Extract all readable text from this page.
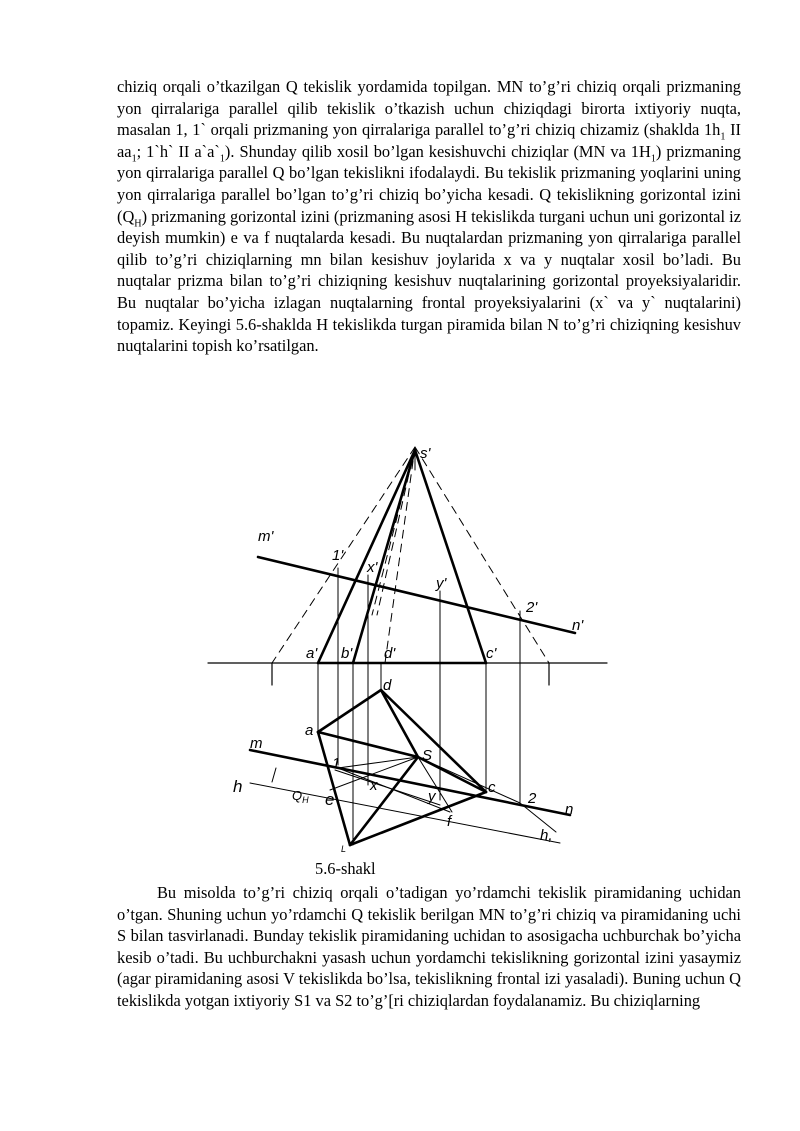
chiziq orqali o’tkazilgan Q tekislik yordamida topilgan. MN to’g’ri chiziq orqali prizmaning yon qirralariga parallel qilib tekislik o’tkazish uchun chiziqdagi birorta ixtiyoriy nuqta, masalan 1, 1` orqali prizmaning yon qirralariga parallel to’g’ri chiziq chizamiz (shaklda $1h_1$ II $aa_1$; 1`h` II $a`a`_1$). Shunday qilib xosil bo’lgan kesishuvchi chiziqlar (MN va $1H_1$) prizmaning yon qirralariga parallel Q bo’lgan tekislikni ifodalaydi. Bu tekislik prizmaning yoqlarini uning yon qirralariga parallel bo’lgan to’g’ri chiziq bo’yicha kesadi. Q tekislikning gorizontal izini $(Q_H)$ prizmaning gorizontal izini (prizmaning asosi H tekislikda turgani uchun uni gorizontal iz deyish mumkin) e va f nuqtalarda kesadi. Bu nuqtalardan prizmaning yon qirralariga parallel qilib to’g’ri chiziqlarning mn bilan kesishuv joylarida x va y nuqtalar xosil bo’ladi. Bu nuqtalar prizma bilan to’g’ri chiziqning kesishuv nuqtalarining gorizontal proyeksiyalaridir. Bu nuqtalar bo’yicha izlagan nuqtalarning frontal proyeksiyalarini (x` va y` nuqtalarini) topamiz. Keyingi 5.6-shaklda H tekislikda turgan piramida bilan N to’g’ri chiziqning kesishuv nuqtalarini topish ko’rsatilgan.

s'
m'
n'
1'
2'
x'
y'
a' b' d'	c'
d
a
S
c
1
x
y	2
m
n
h
h,
$Q_H$ e
f
L

5.6-shakl

Bu misolda to’g’ri chiziq orqali o’tadigan yo’rdamchi tekislik piramidaning uchidan o’tgan. Shuning uchun yo’rdamchi Q tekislik berilgan MN to’g’ri chiziq va piramidaning uchi S bilan tasvirlanadi. Bunday tekislik piramidaning uchidan to asosigacha uchburchak bo’yicha kesib o’tadi. Bu uchburchakni yasash uchun yordamchi tekislikning gorizontal izini yasaymiz (agar piramidaning asosi V tekislikda bo’lsa, tekislikning frontal izi yasaladi). Buning uchun Q tekislikda yotgan ixtiyoriy S1 va S2 to’g’[ri chiziqlardan foydalanamiz. Bu chiziqlarning
